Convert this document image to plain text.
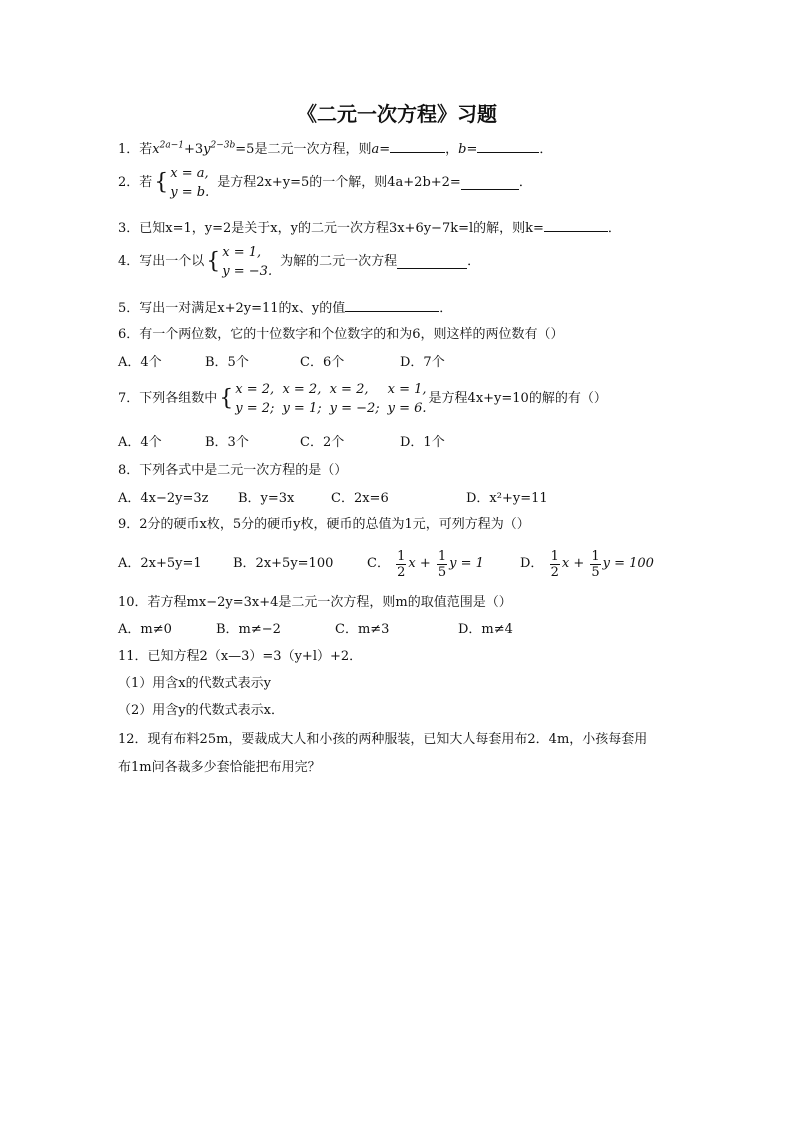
《二元一次方程》习题
1．若$x^{2a-1}+3y^{2-3b}=5$是二元一次方程，则a=	，b=	．
2．若{ x = a,
y = b.
是方程2x+y=5的一个解，则4a+2b+2=	．
3．已知x=1，y=2是关于x，y的二元一次方程3x+6y−7k=l的解，则k=	．
4．写出一个以{ x = 1,
y = −3.
为解的二元一次方程	．
5．写出一对满足x+2y=11的x、y的值	．
6．有一个两位数，它的十位数字和个位数字的和为6，则这样的两位数有（）
A．4个	B．5个	C．6个	D．7个
7．下列各组数中{ x = 2,
y = 2;
x = 2,
y = 1;
x = 2,
y = −2;
x = 1,
y = 6.
是方程4x+y=10的解的有（）
A．4个	B．3个	C．2个	D．1个
8．下列各式中是二元一次方程的是（）
A．4x−2y=3z B．y=3x	C．2x=6	D．x²+y=11
9．2分的硬币x枚，5分的硬币y枚，硬币的总值为1元，可列方程为（）
A．2x+5y=1 B．2x+5y=100	C． $\frac{1}{2}$ $x + \frac{1}{5}$ y = 1	D． $\frac{1}{2}$ $x + \frac{1}{5}$ y = 100
10．若方程mx−2y=3x+4是二元一次方程，则m的取值范围是（）
A．m≠0	B．m≠−2	C．m≠3	D．m≠4
11．已知方程2（x—3）=3（y+l）+2．
（1）用含x的代数式表示y
（2）用含y的代数式表示x．
12．现有布料25m，要裁成大人和小孩的两种服装，已知大人每套用布2．4m，小孩每套用
布1m问各裁多少套恰能把布用完？
